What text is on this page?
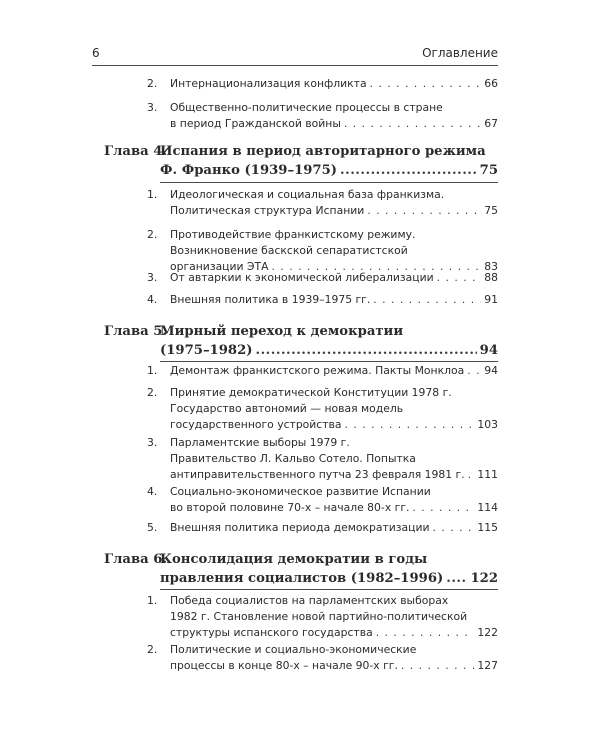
6	Оглавление
2. Интернационализация конфликта . . .	66
3. Общественно-политические процессы в стране
в период Гражданской войны . . .	67
Глава 4.
Испания в период авторитарного режима
Ф. Франко (1939–1975) .....	75
1. Идеологическая и социальная база франкизма.
Политическая структура Испании . . .	75
2. Противодействие франкистскому режиму.
Возникновение баскской сепаратистской
организации ЭТА . . .	83
3. От автаркии к экономической либерализации . . .	88
4. Внешняя политика в 1939–1975 гг. . . .	91
Глава 5.
Мирный переход к демократии
(1975–1982) .....	94
1. Демонтаж франкистского режима. Пакты Монклоа . . . 94
2. Принятие демократической Конституции 1978 г.
Государство автономий — новая модель
государственного устройства . . .	103
3. Парламентские выборы 1979 г.
Правительство Л. Кальво Сотело. Попытка
антиправительственного путча 23 февраля 1981 г. . . . 111
4. Социально-экономическое развитие Испании
во второй половине 70-х – начале 80-х гг. . . .	114
5. Внешняя политика периода демократизации . . .	115
Глава 6.
Консолидация демократии в годы
правления социалистов (1982–1996) ..... 122
1. Победа социалистов на парламентских выборах
1982 г. Становление новой партийно-политической
структуры испанского государства . . .	122
2. Политические и социально-экономические
процессы в конце 80-х – начале 90-х гг. . . .	127
